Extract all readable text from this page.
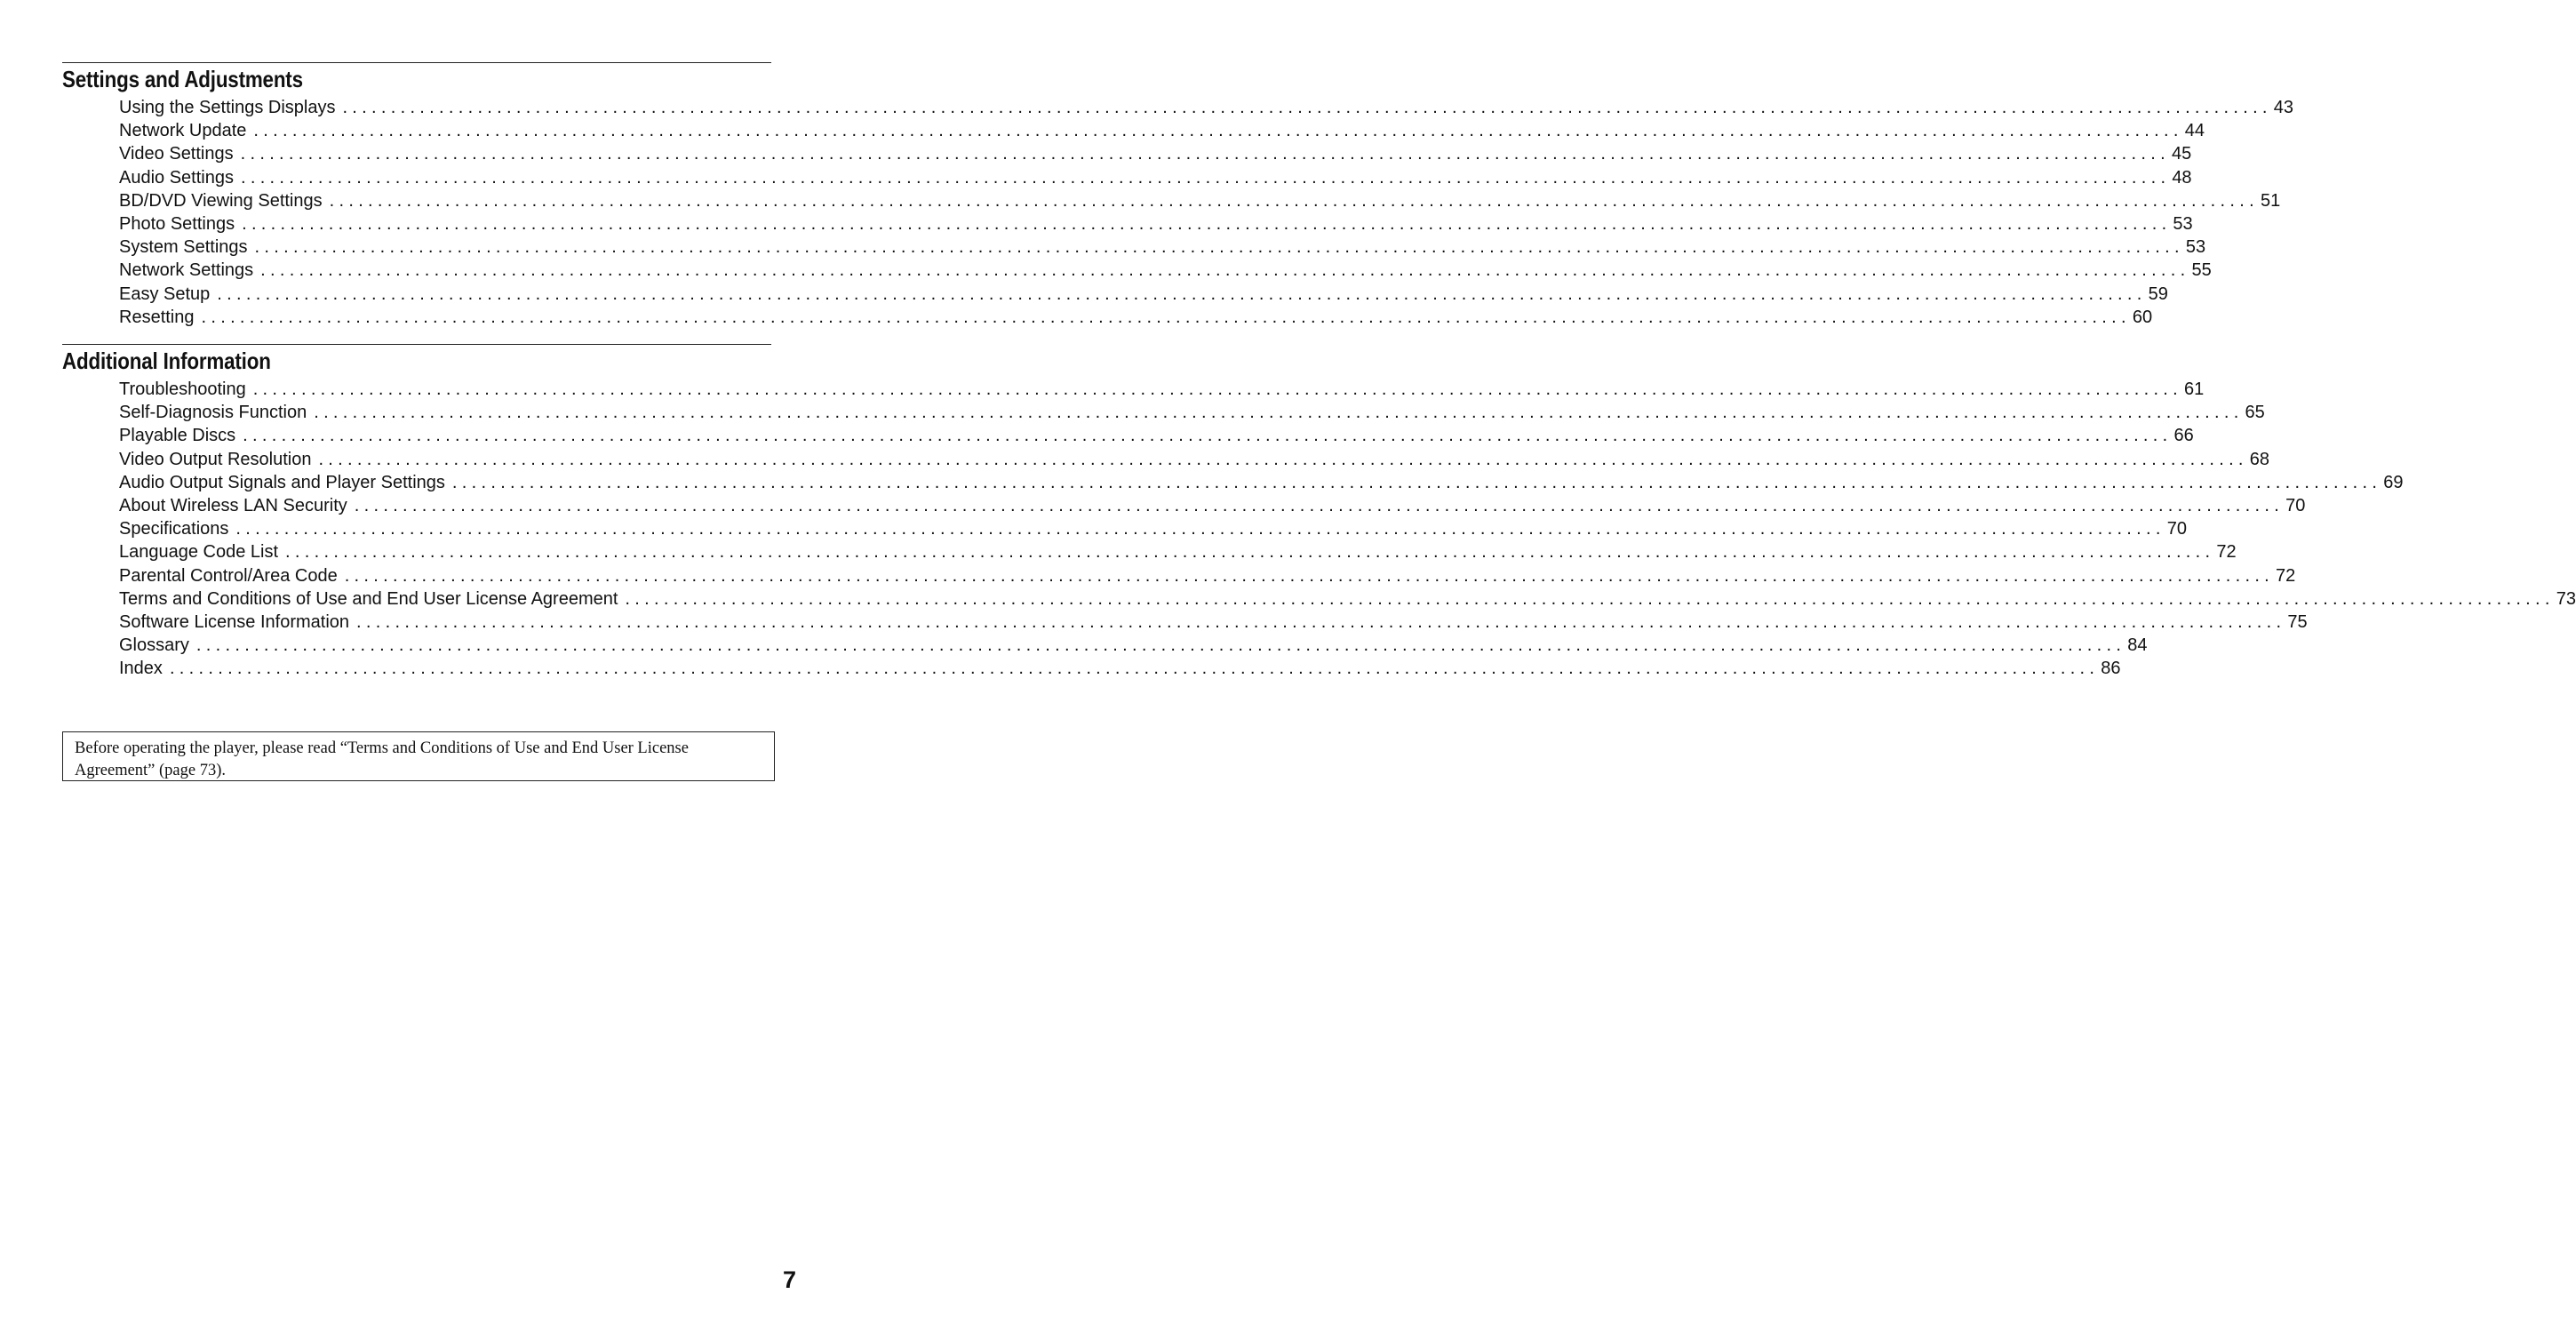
Settings and Adjustments
Using the Settings Displays ........................................................................................................................................................................................................ 43
Network Update ........................................................................................................................................................................................................ 44
Video Settings ........................................................................................................................................................................................................ 45
Audio Settings ........................................................................................................................................................................................................ 48
BD/DVD Viewing Settings ........................................................................................................................................................................................................ 51
Photo Settings ........................................................................................................................................................................................................ 53
System Settings ........................................................................................................................................................................................................ 53
Network Settings ........................................................................................................................................................................................................ 55
Easy Setup ........................................................................................................................................................................................................ 59
Resetting ........................................................................................................................................................................................................ 60
Additional Information
Troubleshooting ........................................................................................................................................................................................................ 61
Self-Diagnosis Function ........................................................................................................................................................................................................ 65
Playable Discs ........................................................................................................................................................................................................ 66
Video Output Resolution ........................................................................................................................................................................................................ 68
Audio Output Signals and Player Settings ........................................................................................................................................................................................................ 69
About Wireless LAN Security ........................................................................................................................................................................................................ 70
Specifications ........................................................................................................................................................................................................ 70
Language Code List ........................................................................................................................................................................................................ 72
Parental Control/Area Code ........................................................................................................................................................................................................ 72
Terms and Conditions of Use and End User License Agreement ........................................................................................................................................................................................................ 73
Software License Information ........................................................................................................................................................................................................ 75
Glossary ........................................................................................................................................................................................................ 84
Index ........................................................................................................................................................................................................ 86
Before operating the player, please read “Terms and Conditions of Use and End User License Agreement” (page 73).
7
